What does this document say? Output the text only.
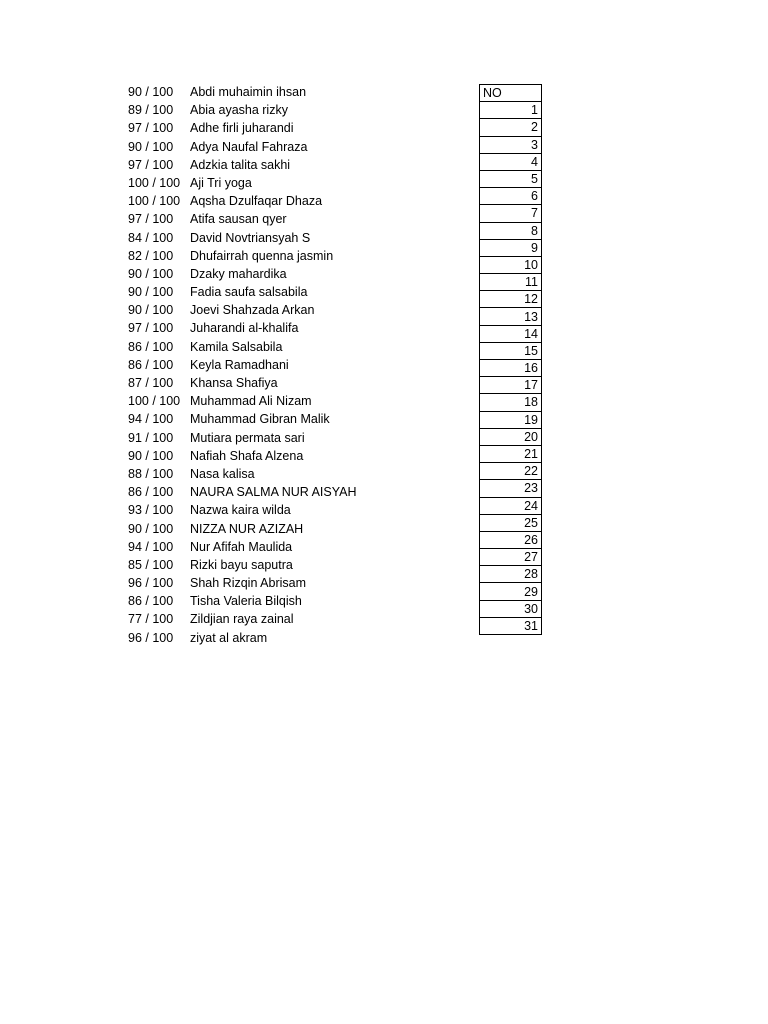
90 / 100	Abdi muhaimin ihsan
89 / 100	Abia ayasha rizky
97 / 100	Adhe firli juharandi
90 / 100	Adya Naufal Fahraza
97 / 100	Adzkia talita sakhi
100 / 100 Aji Tri yoga
100 / 100 Aqsha Dzulfaqar Dhaza
97 / 100	Atifa sausan qyer
84 / 100	David Novtriansyah S
82 / 100	Dhufairrah quenna jasmin
90 / 100	Dzaky mahardika
90 / 100	Fadia saufa salsabila
90 / 100	Joevi Shahzada Arkan
97 / 100	Juharandi al-khalifa
86 / 100	Kamila Salsabila
86 / 100	Keyla Ramadhani
87 / 100	Khansa Shafiya
100 / 100 Muhammad Ali Nizam
94 / 100	Muhammad Gibran Malik
91 / 100	Mutiara permata sari
90 / 100	Nafiah Shafa Alzena
88 / 100	Nasa kalisa
86 / 100	NAURA SALMA NUR AISYAH
93 / 100	Nazwa kaira wilda
90 / 100	NIZZA NUR AZIZAH
94 / 100	Nur Afifah Maulida
85 / 100	Rizki bayu saputra
96 / 100	Shah Rizqin Abrisam
86 / 100	Tisha Valeria Bilqish
77 / 100	Zildjian raya zainal
96 / 100	ziyat al akram
NO
1
2
3
4
5
6
7
8
9
10
11
12
13
14
15
16
17
18
19
20
21
22
23
24
25
26
27
28
29
30
31
